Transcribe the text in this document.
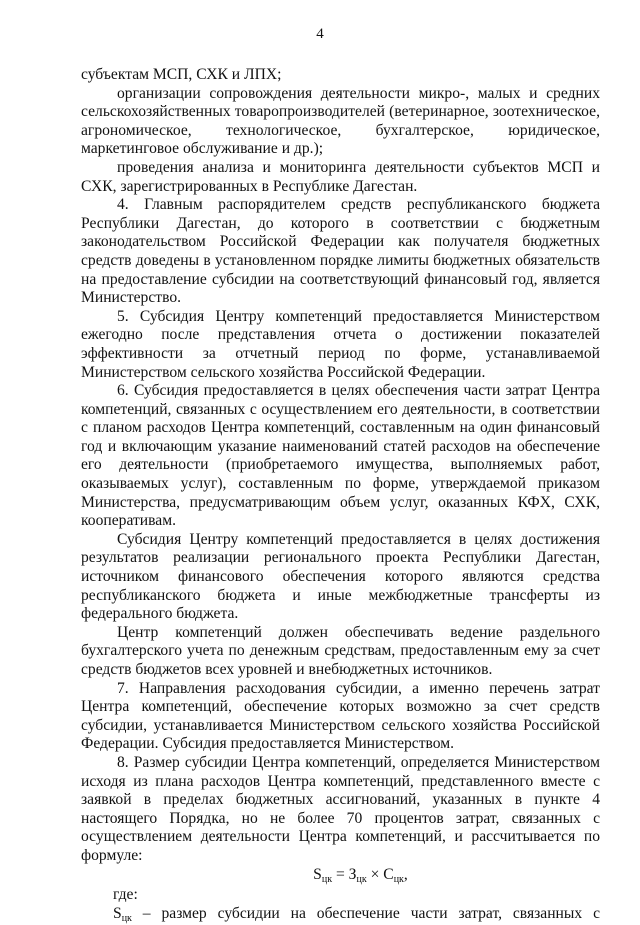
4

субъектам МСП, СХК и ЛПХ;

организации сопровождения деятельности микро-, малых и средних сельскохозяйственных товаропроизводителей (ветеринарное, зоотехническое, агрономическое, технологическое, бухгалтерское, юридическое, маркетинговое обслуживание и др.);

проведения анализа и мониторинга деятельности субъектов МСП и СХК, зарегистрированных в Республике Дагестан.

4. Главным распорядителем средств республиканского бюджета Республики Дагестан, до которого в соответствии с бюджетным законодательством Российской Федерации как получателя бюджетных средств доведены в установленном порядке лимиты бюджетных обязательств на предоставление субсидии на соответствующий финансовый год, является Министерство.

5. Субсидия Центру компетенций предоставляется Министерством ежегодно после представления отчета о достижении показателей эффективности за отчетный период по форме, устанавливаемой Министерством сельского хозяйства Российской Федерации.

6. Субсидия предоставляется в целях обеспечения части затрат Центра компетенций, связанных с осуществлением его деятельности, в соответствии с планом расходов Центра компетенций, составленным на один финансовый год и включающим указание наименований статей расходов на обеспечение его деятельности (приобретаемого имущества, выполняемых работ, оказываемых услуг), составленным по форме, утверждаемой приказом Министерства, предусматривающим объем услуг, оказанных КФХ, СХК, кооперативам.

Субсидия Центру компетенций предоставляется в целях достижения результатов реализации регионального проекта Республики Дагестан, источником финансового обеспечения которого являются средства республиканского бюджета и иные межбюджетные трансферты из федерального бюджета.

Центр компетенций должен обеспечивать ведение раздельного бухгалтерского учета по денежным средствам, предоставленным ему за счет средств бюджетов всех уровней и внебюджетных источников.

7. Направления расходования субсидии, а именно перечень затрат Центра компетенций, обеспечение которых возможно за счет средств субсидии, устанавливается Министерством сельского хозяйства Российской Федерации. Субсидия предоставляется Министерством.

8. Размер субсидии Центра компетенций, определяется Министерством исходя из плана расходов Центра компетенций, представленного вместе с заявкой в пределах бюджетных ассигнований, указанных в пункте 4 настоящего Порядка, но не более 70 процентов затрат, связанных с осуществлением деятельности Центра компетенций, и рассчитывается по формуле:

$S_{цк} = З_{цк} \times С_{цк}$,

где:

$S_{цк}$ – размер субсидии на обеспечение части затрат, связанных с
